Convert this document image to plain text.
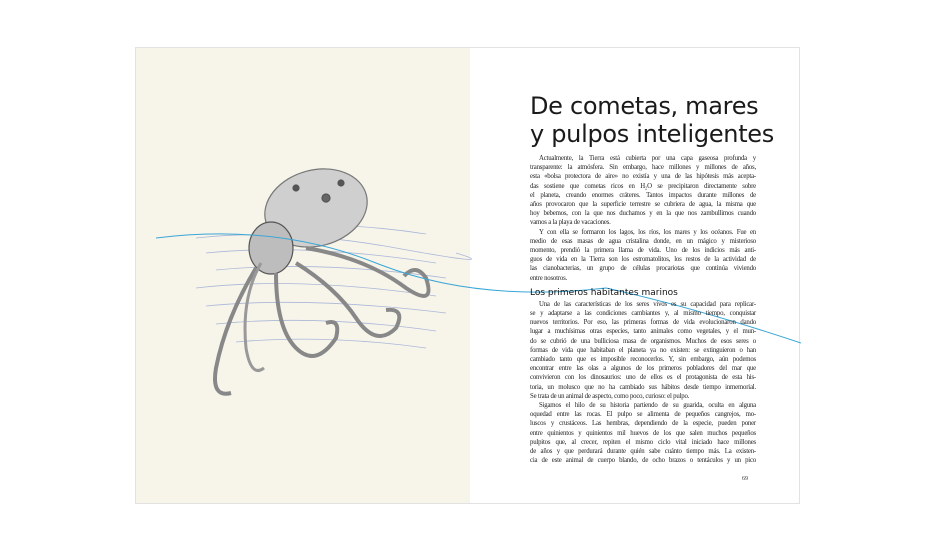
De cometas, mares
y pulpos inteligentes
Actualmente, la Tierra está cubierta por una capa gaseosa profunda y
transparente: la atmósfera. Sin embargo, hace millones y millones de años,
esta «bolsa protectora de aire» no existía y una de las hipótesis más acepta-
das sostiene que cometas ricos en H₂O se precipitaron directamente sobre
el planeta, creando enormes cráteres. Tantos impactos durante millones de
años provocaron que la superficie terrestre se cubriera de agua, la misma que
hoy bebemos, con la que nos duchamos y en la que nos zambullimos cuando
vamos a la playa de vacaciones.
Y con ella se formaron los lagos, los ríos, los mares y los océanos. Fue en
medio de esas masas de agua cristalina donde, en un mágico y misterioso
momento, prendió la primera llama de vida. Uno de los indicios más anti-
guos de vida en la Tierra son los estromatolitos, los restos de la actividad de
las cianobacterias, un grupo de células procariotas que continúa viviendo
entre nosotros.
Los primeros habitantes marinos
Una de las características de los seres vivos es su capacidad para replicar-
se y adaptarse a las condiciones cambiantes y, al mismo tiempo, conquistar
nuevos territorios. Por eso, las primeras formas de vida evolucionaron dando
lugar a muchísimas otras especies, tanto animales como vegetales, y el mun-
do se cubrió de una bulliciosa masa de organismos. Muchos de esos seres o
formas de vida que habitaban el planeta ya no existen: se extinguieron o han
cambiado tanto que es imposible reconocerlos. Y, sin embargo, aún podemos
encontrar entre las olas a algunos de los primeros pobladores del mar que
convivieron con los dinosaurios: uno de ellos es el protagonista de esta his-
toria, un molusco que no ha cambiado sus hábitos desde tiempo inmemorial.
Se trata de un animal de aspecto, como poco, curioso: el pulpo.
Sigamos el hilo de su historia partiendo de su guarida, oculta en alguna
oquedad entre las rocas. El pulpo se alimenta de pequeños cangrejos, mo-
luscos y crustáceos. Las hembras, dependiendo de la especie, pueden poner
entre quinientos y quinientos mil huevos de los que salen muchos pequeños
pulpitos que, al crecer, repiten el mismo ciclo vital iniciado hace millones
de años y que perdurará durante quién sabe cuánto tiempo más. La existen-
cia de este animal de cuerpo blando, de ocho brazos o tentáculos y un pico
69
